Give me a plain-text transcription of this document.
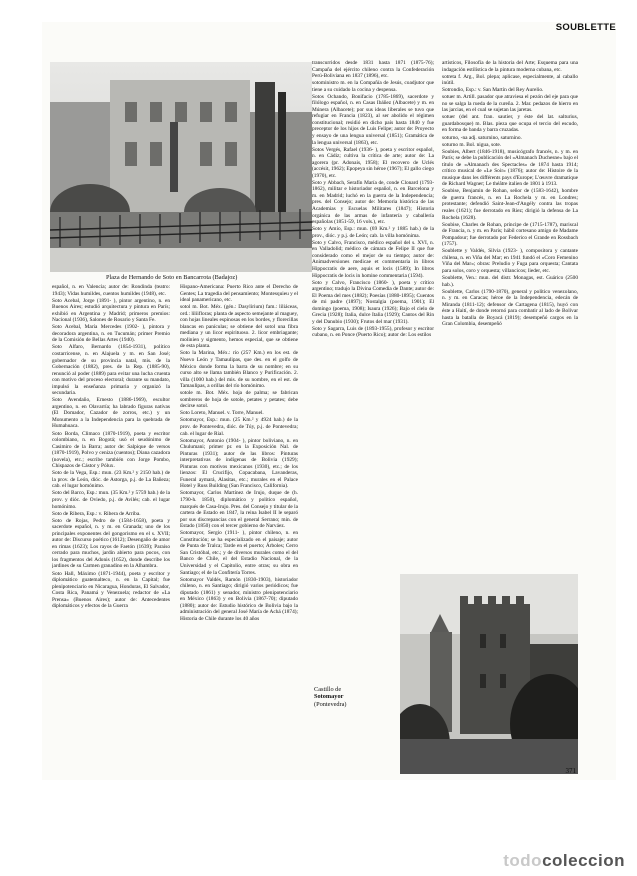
SOUBLETTE
Plaza de Hernando de Soto en Bancarrota (Badajoz)

español, n. en Valencia; autor de: Rondinda (teatro: 1943); Vidas humildes, cuentos humildes (1948), etc.

Soto Acebal, Jorge (1891- ), pintor argentino, n. en Buenos Aires; estudió arquitectura y pintura en París; exhibió en Argentina y Madrid; primeros premios: Nacional (1936), Salones de Rosario y Santa Fe.

Soto Acebal, María Mercedes (1902- ), pintora y decoradora argentina, n. en Tucumán; primer Premio de la Comisión de Bellas Artes (1940).

Soto Alfaro, Bernardo (1854-1931), político costarricense, n. en Alajuela y m. en San José; gobernador de su provincia natal, mis. de la Gobernación (1882), pres. de la Rep. (1885-90), renunció al poder (1889) para evitar una lucha cruenta con motivo del proceso electoral; durante su mandato, impulsó la enseñanza primaria y organizó la secundaria.

Soto Avendaño, Ernesto (1886-1969), escultor argentino, n. en Olavarría; ha labrado figuras natívas (El Domador, Cazador de zorros, etc.) y un Monumento a la Independencia para la quebrada de Humahuaca.

Soto Borda, Climaco (1870-1919), poeta y escritor colombiano, n. en Bogotá; usó el seudónimo de Casimiro de la Barra; autor de: Salpique de versos (1870-1919), Polvo y ceniza (cuentos); Diana cazadora (novela), etc.; escribe también con Jorge Pombo, Chispazos de Cástor y Pólux.

Soto de la Vega, Esp.: mun. (23 Km.² y 2150 hab.) de la prov. de León, dióc. de Astorga, p.j. de La Bañeza; cab. el lugar homónimo.

Soto del Barco, Esp.: mun. (35 Km.² y 5759 hab.) de la prov. y dióc. de Oviedo, p.j. de Avilés; cab. el lugar homónimo.

Soto de Ribera, Esp.: v. Ribera de Arriba.

Soto de Rojas, Pedro de (1584-1658), poeta y sacerdote español, n. y m. en Granada; uno de los principales exponentes del gongorismo en el s. XVII; autor de: Discurso poético (1612); Desengaño de amor en rimas (1623); Los rayos de Faetón (1639); Paraíso cerrado para muchos, jardín abierto para pocos, con los fragmentos del Adonis (1652), donde describe los jardines de su Carmen granadino en la Alhambra.

Soto Hall, Máximo (1871-1944), poeta y escritor y diplomático guatemalteco, n. en la Capital; fue plenipotenciario en Nicaragua, Honduras, El Salvador, Costa Rica, Panamá y Venezuela; redactor de «La Prensa» (Buenos Aires); autor de: Antecedentes diplomáticos y efectos de la Guerra

Hispano-Americana: Puerto Rico ante el Derecho de Gentes; La tragedia del pensamiento; Montesquieu y el ideal panamericano, etc.

sotol m. Bot. Méx. (gén.: Dasylirium) fam.: liliáceas, ord.: liliifloras; planta de aspecto semejante al maguey, con hojas lineales espinosas en los bordes, y florecillas blancas en panículas; se obtiene del sotol una fibra mediana y un licor espirituoso. 2. licor embriagante; molinien y sigmento, hemos especial, que se obtiene de esta planta.

Soto la Marina, Méx.: río (257 Km.) en los est. de Nuevo León y Tamaulipas, que des. en el golfo de México donde forma la barra de su nombre; en su curso alto se llama también Blanco y Purificación. 2. villa (1000 hab.) del mis. de su nombre, en el est. de Tamaulipas, a orillas del río homónimo.

sotole m. Bot. Méx. hoja de palma; se fabrican sombreros de hoja de sotole, petates y petates; debe decirse sotol.

Soto Loreto, Manuel. v. Torre, Manuel.

Sotomayor, Esp.: mun. (25 Km.² y 4924 hab.) de la prov. de Pontevedra, dióc. de Túy, p.j. de Pontevedra; cab. el lugar de Rial.

Sotomayor, Antonio (1904- ), pintor boliviano, n. en Chulumani; primer pr. en la Exposición Nal. de Pinturas (1931); autor de las libros: Pinturas interpretativas de indígenas de Bolivia (1929); Pinturas con motivos mexicanos (1930), etc.; de los lienzos: El Crucifijo, Copacabana, Lavanderas, Funeral aymará, Alasitas, etc.; murales en el Palace Hotel y Russ Building (San Francisco, California).

Sotomayor, Carlos Martínez de Irujo, duque de (h. 1790-h. 1850), diplomático y político español, marqués de Casa-Irujo. Pres. del Consejo y titular de la cartera de Estado en 1847, la reina Isabel II le separó por sus discrepancias con el general Serrano; min. de Estado (1850) con el tercer gobierno de Narváez.

Sotomayor, Sergio (1911- ), pintor chileno, n. en Constitución; se ha especializado en el paisaje; autor de Punta de Tralca; Tarde en el puerto; Árboles; Cerro San Cristóbal, etc.; y de diversos murales como el del Banco de Chile, el del Estadio Nacional, de la Universidad y el Capitolio, entre otras; su obra en Santiago; el de la Confitería Torres.

Sotomayor Valdés, Ramón (1830-1903), historiador chileno, n. en Santiago; dirigió varios periódicos; fue diputado (1861) y senador, ministro plenipotenciario en México (1863) y en Bolivia (1867-70); diputado (1880); autor de: Estudio histórico de Bolivia bajo la administración del general José María de Achá (1874); Historia de Chile durante los 40 años

transcurridos desde 1831 hasta 1871 (1875-76); Campaña del ejército chileno contra la Confederación Perú-Boliviana en 1837 (1896), etc.

sotoministro m. en la Compañía de Jesús, coadjutor que tiene a su cuidado la cocina y despensa.

Sotos Ochando, Bonifacio (1785-1869), sacerdote y filólogo español, n. en Casas Ibáñez (Albacete) y m. en Múnera (Albacete); por sus ideas liberales se tuvo que refugiar en Francia (1823), al ser abolido el régimen constitucional; residió en dicho país hasta 1840 y fue preceptor de los hijos de Luis Felipe; autor de: Proyecto y ensayo de una lengua universal (1851); Gramática de la lengua universal (1863), etc.

Sotos Vergés, Rafael (1936- ), poeta y escritor español, n. en Cádiz; cultiva la crítica de arte; autor de: La agorera (pr. Adonais, 1958); El recovero de Uclés (accésit, 1962); Epopeya sin héroe (1967); El gallo ciego (1970), etc.

Soto y Abbach, Serafín María de, conde Clonard (1793-1862), militar e historiador español, n. en Barcelona y m. en Madrid; luchó en la guerra de la Independencia; pres. del Consejo; autor de: Memoria histórica de las Academias y Escuelas Militares (1847); Historia orgánica de las armas de infantería y caballería españolas (1851-59, 16 vols.), etc.

Soto y Amío, Esp.: mun. (69 Km.² y 1885 hab.) de la prov., dióc. y p.j. de León; cab. la villa homónima.

Soto y Calvo, Francisco, médico español del s. XVI, n. en Valladolid; médico de cámara de Felipe II que fue considerado como el mejor de su tiempo; autor de: Animadversiones medicae et commentaria in libros Hippocratis de aere, aquis et locis (1589); In libros Hippocratis de locis in homine commentaria (1594).

Soto y Calvo, Francisco (1860- ), poeta y crítico argentino; tradujo la Divina Comedia de Dante; autor de: El Poema del mes (1882); Poesías (1880-1895); Cuentos de mi padre (1897); Nostalgia (poema, 1901); El domingo (poema, 1908); Isaura (1926); Bajo el cielo de Grecia (1928); Italia, dulce Italia (1929); Cantos del Rin y del Danubio (1930); Frutos del mar (1931).

Soto y Sagarra, Luis de (1893-1955), profesor y escritor cubano, n. en Ponce (Puerto Rico); autor de: Los estilos

artísticos, Filosofía de la historia del Arte; Esquema para una indagación estilística de la pintura moderna cubana, etc.

sotreta f. Arg., Bol. plepa; aplicase, especialmente, al caballo inútil.

Sotrondio, Esp.: v. San Martín del Rey Aurelio.

sotuer m. Artill. pasador que atraviesa el pezón del eje para que no se salga la rueda de la cureña. 2. Mar. pedazos de hierro en las jarcias, en el cual se sujetan las jaretas.

sotuer (del ant. fran. sautier, y éste del lat. salturius, guardabosque) m. Blas. pieza que ocupa el tercio del escudo, en forma de banda y barra cruzadas.

soturno, -na adj. saturnino, saturnino.

soturno m. Bol. nigua, sote.

Soubies, Albert (1846-1918), musicógrafo francés, n. y m. en París; se debe la publicación del «Almanach Duchesne» bajo el título de «Almanach des Spectacles» de 1874 hasta 1914; crítico musical de «Le Soir» (1876); autor de: Histoire de la musique dans les différents pays d'Europe; L'œuvre dramatique de Richard Wagner; Le théâtre italien de 1801 à 1913.

Soubise, Benjamin de Rohan, señor de (1583-1642), hombre de guerra francés, n. en La Rochela y m. en Londres; protestante; defendió Saint-Jean-d'Angély contra las tropas reales (1621); fue derrotado en Riez; dirigió la defensa de La Rochela (1628).

Soubise, Charles de Rohan, príncipe de (1715-1787), mariscal de Francia, n. y m. en París; hábil cortesano amigo de Madame Pompadour; fue derrotado por Federico el Grande en Rossbach (1757).

Soublette y Valdés, Silvia (1923- ), compositora y cantante chilena, n. en Viña del Mar; en 1941 fundó el «Coro Femenino Viña del Mar»; obras: Preludio y Fuga para orquesta; Cantata para solos, coro y orquesta; villancicos; lieder, etc.

Soublette, Ven.: mun. del distr. Monagas, est. Guárico (2500 hab.).

Soublette, Carlos (1790-1870), general y político venezolano, n. y m. en Caracas; héroe de la Independencia, edecán de Miranda (1811-12); defensor de Cartagena (1815), huyó con éste a Haití, de donde retornó para combatir al lado de Bolívar hasta la batalla de Boyacá (1819); desempeñó cargos en la Gran Colombia, desempeñó

Castillo de
Sotomayor
(Pontevedra)
371
todo coleccion
